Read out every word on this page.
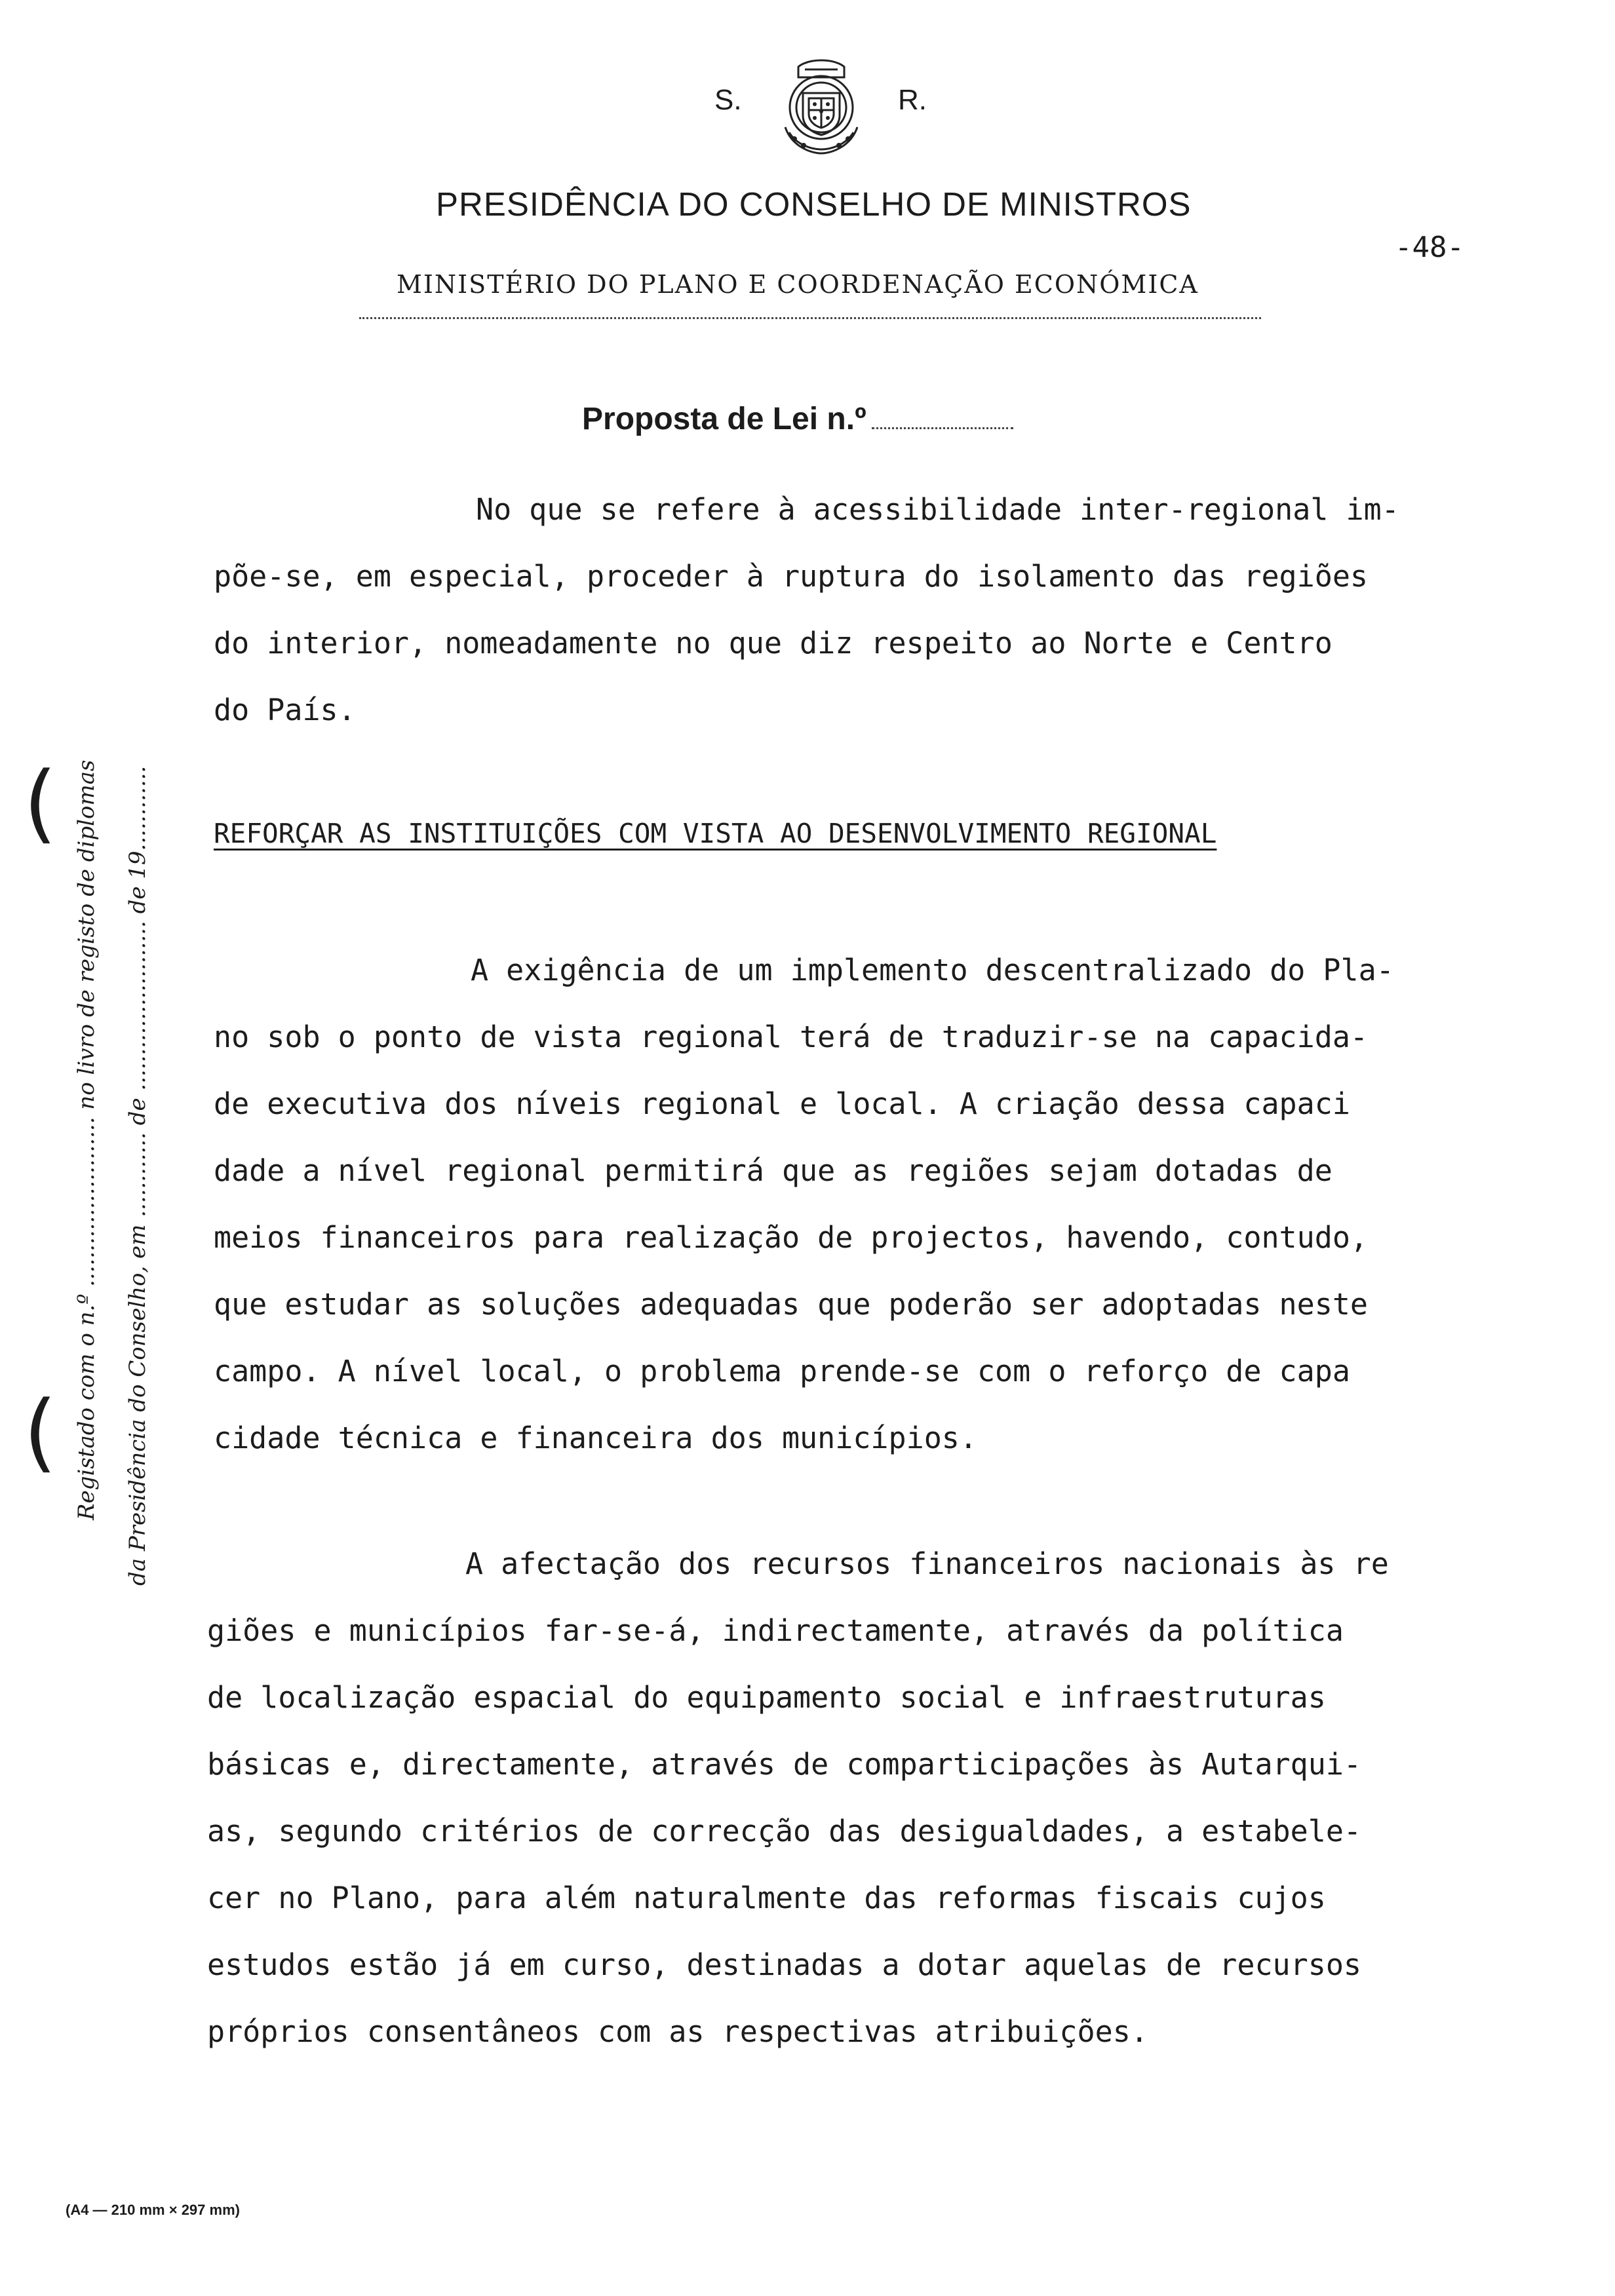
S.	R.
PRESIDÊNCIA DO CONSELHO DE MINISTROS
-48-
MINISTÉRIO DO PLANO E COORDENAÇÃO ECONÓMICA
Proposta de Lei n.º
No que se refere à acessibilidade inter-regional im-
põe-se, em especial, proceder à ruptura do isolamento das regiões
do interior, nomeadamente no que diz respeito ao Norte e Centro
do País.
REFORÇAR AS INSTITUIÇÕES COM VISTA AO DESENVOLVIMENTO REGIONAL
A exigência de um implemento descentralizado do Pla-
no sob o ponto de vista regional terá de traduzir-se na capacida-
de executiva dos níveis regional e local. A criação dessa capaci
dade a nível regional permitirá que as regiões sejam dotadas de
meios financeiros para realização de projectos, havendo, contudo,
que estudar as soluções adequadas que poderão ser adoptadas neste
campo. A nível local, o problema prende-se com o reforço de capa
cidade técnica e financeira dos municípios.
A afectação dos recursos financeiros nacionais às re
giões e municípios far-se-á, indirectamente, através da política
de localização espacial do equipamento social e infraestruturas
básicas e, directamente, através de comparticipações às Autarqui-
as, segundo critérios de correcção das desigualdades, a estabele-
cer no Plano, para além naturalmente das reformas fiscais cujos
estudos estão já em curso, destinadas a dotar aquelas de recursos
próprios consentâneos com as respectivas atribuições.
Registado com o n.º ........................ no livro de registo de diplomas da Presidência do Conselho, em ............ de ........................ de 19............
(
(
(A4 — 210 mm × 297 mm)
